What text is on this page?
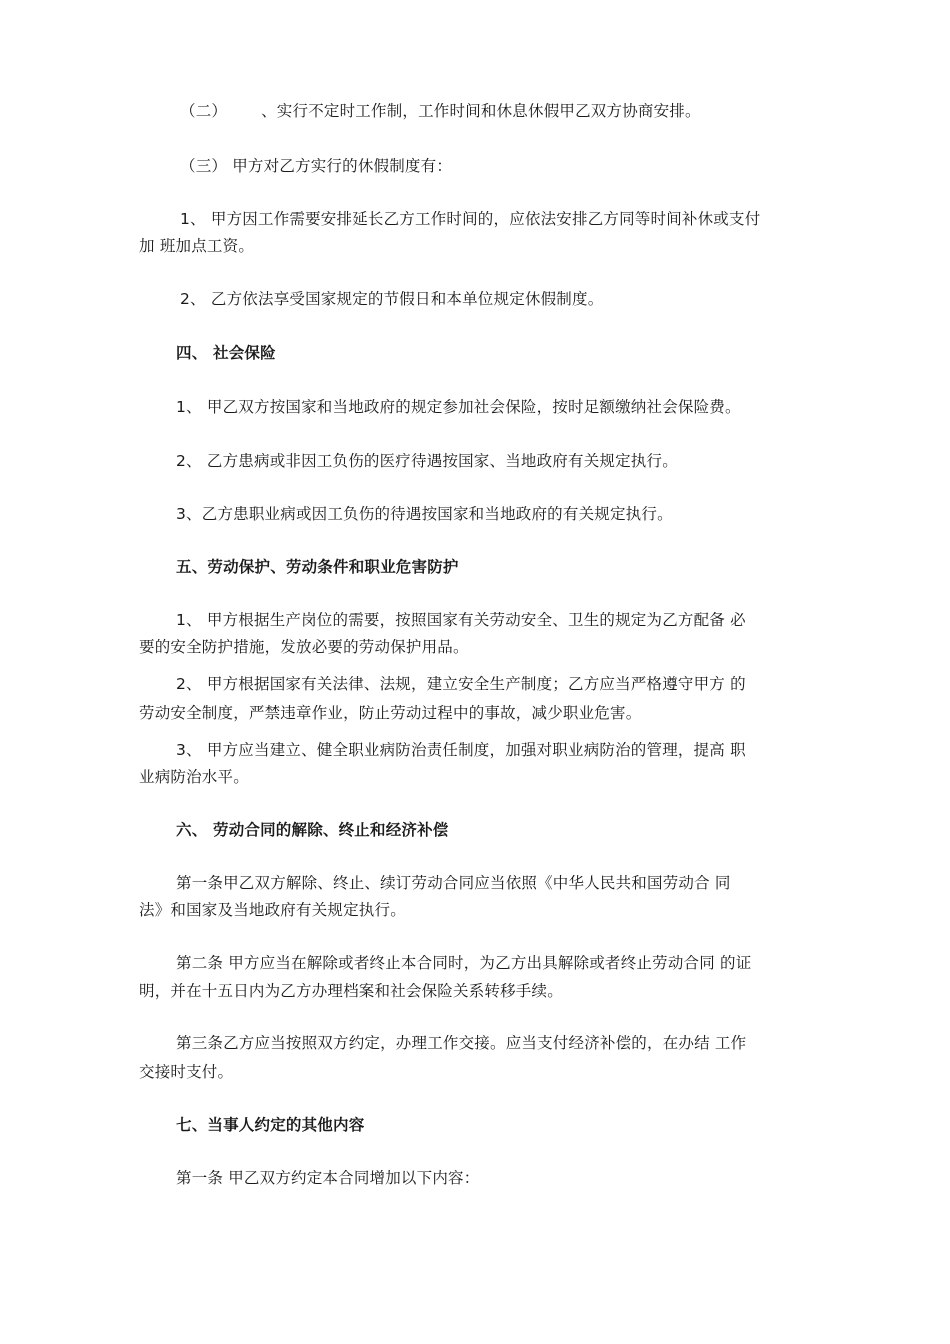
（二） 、实行不定时工作制，工作时间和休息休假甲乙双方协商安排。
（三） 甲方对乙方实行的休假制度有：
1、 甲方因工作需要安排延长乙方工作时间的，应依法安排乙方同等时间补休或支付
加 班加点工资。
2、 乙方依法享受国家规定的节假日和本单位规定休假制度。
四、 社会保险
1、 甲乙双方按国家和当地政府的规定参加社会保险，按时足额缴纳社会保险费。
2、 乙方患病或非因工负伤的医疗待遇按国家、当地政府有关规定执行。
3、乙方患职业病或因工负伤的待遇按国家和当地政府的有关规定执行。
五、劳动保护、劳动条件和职业危害防护
1、 甲方根据生产岗位的需要，按照国家有关劳动安全、卫生的规定为乙方配备 必
要的安全防护措施，发放必要的劳动保护用品。
2、 甲方根据国家有关法律、法规，建立安全生产制度；乙方应当严格遵守甲方 的
劳动安全制度，严禁违章作业，防止劳动过程中的事故，减少职业危害。
3、 甲方应当建立、健全职业病防治责任制度，加强对职业病防治的管理，提高 职
业病防治水平。
六、 劳动合同的解除、终止和经济补偿
第一条甲乙双方解除、终止、续订劳动合同应当依照《中华人民共和国劳动合 同
法》和国家及当地政府有关规定执行。
第二条 甲方应当在解除或者终止本合同时，为乙方出具解除或者终止劳动合同 的证
明，并在十五日内为乙方办理档案和社会保险关系转移手续。
第三条乙方应当按照双方约定，办理工作交接。应当支付经济补偿的，在办结 工作
交接时支付。
七、当事人约定的其他内容
第一条 甲乙双方约定本合同增加以下内容：
